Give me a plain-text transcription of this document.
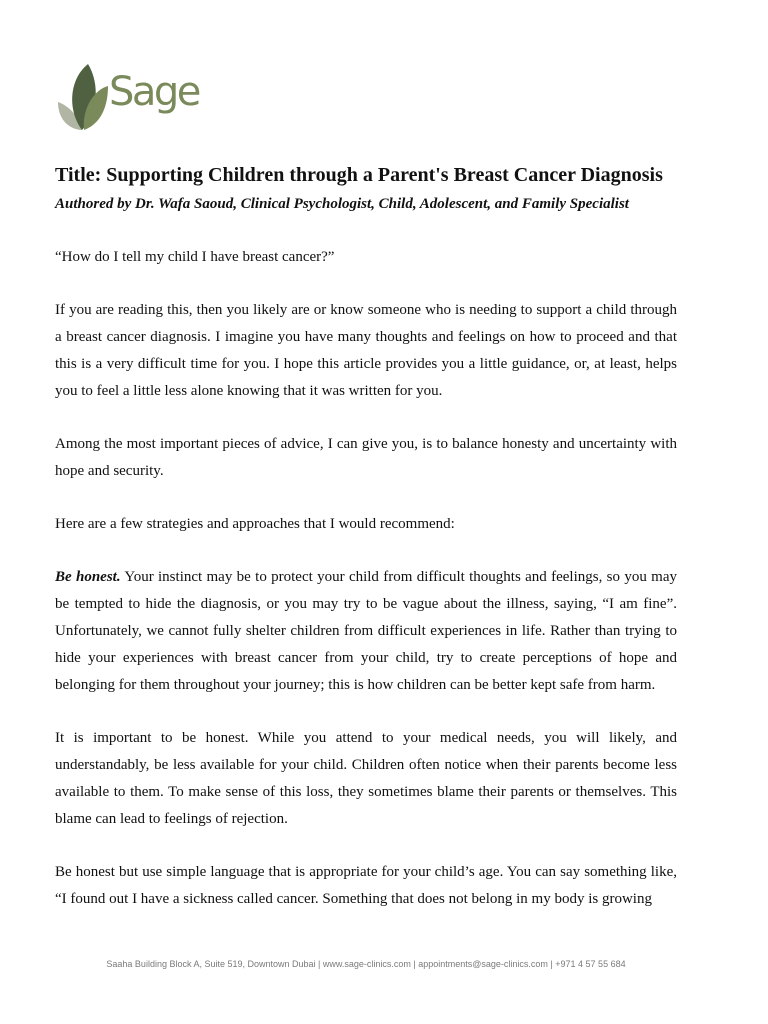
Sage
Title: Supporting Children through a Parent's Breast Cancer Diagnosis
Authored by Dr. Wafa Saoud, Clinical Psychologist, Child, Adolescent, and Family Specialist

“How do I tell my child I have breast cancer?”

If you are reading this, then you likely are or know someone who is needing to support a child through a breast cancer diagnosis. I imagine you have many thoughts and feelings on how to proceed and that this is a very difficult time for you. I hope this article provides you a little guidance, or, at least, helps you to feel a little less alone knowing that it was written for you.

Among the most important pieces of advice, I can give you, is to balance honesty and uncertainty with hope and security.

Here are a few strategies and approaches that I would recommend:

Be honest. Your instinct may be to protect your child from difficult thoughts and feelings, so you may be tempted to hide the diagnosis, or you may try to be vague about the illness, saying, “I am fine”. Unfortunately, we cannot fully shelter children from difficult experiences in life. Rather than trying to hide your experiences with breast cancer from your child, try to create perceptions of hope and belonging for them throughout your journey; this is how children can be better kept safe from harm.

It is important to be honest. While you attend to your medical needs, you will likely, and understandably, be less available for your child. Children often notice when their parents become less available to them. To make sense of this loss, they sometimes blame their parents or themselves. This blame can lead to feelings of rejection.

Be honest but use simple language that is appropriate for your child’s age. You can say something like, “I found out I have a sickness called cancer. Something that does not belong in my body is growing

Saaha Building Block A, Suite 519, Downtown Dubai | www.sage-clinics.com | appointments@sage-clinics.com | +971 4 57 55 684
